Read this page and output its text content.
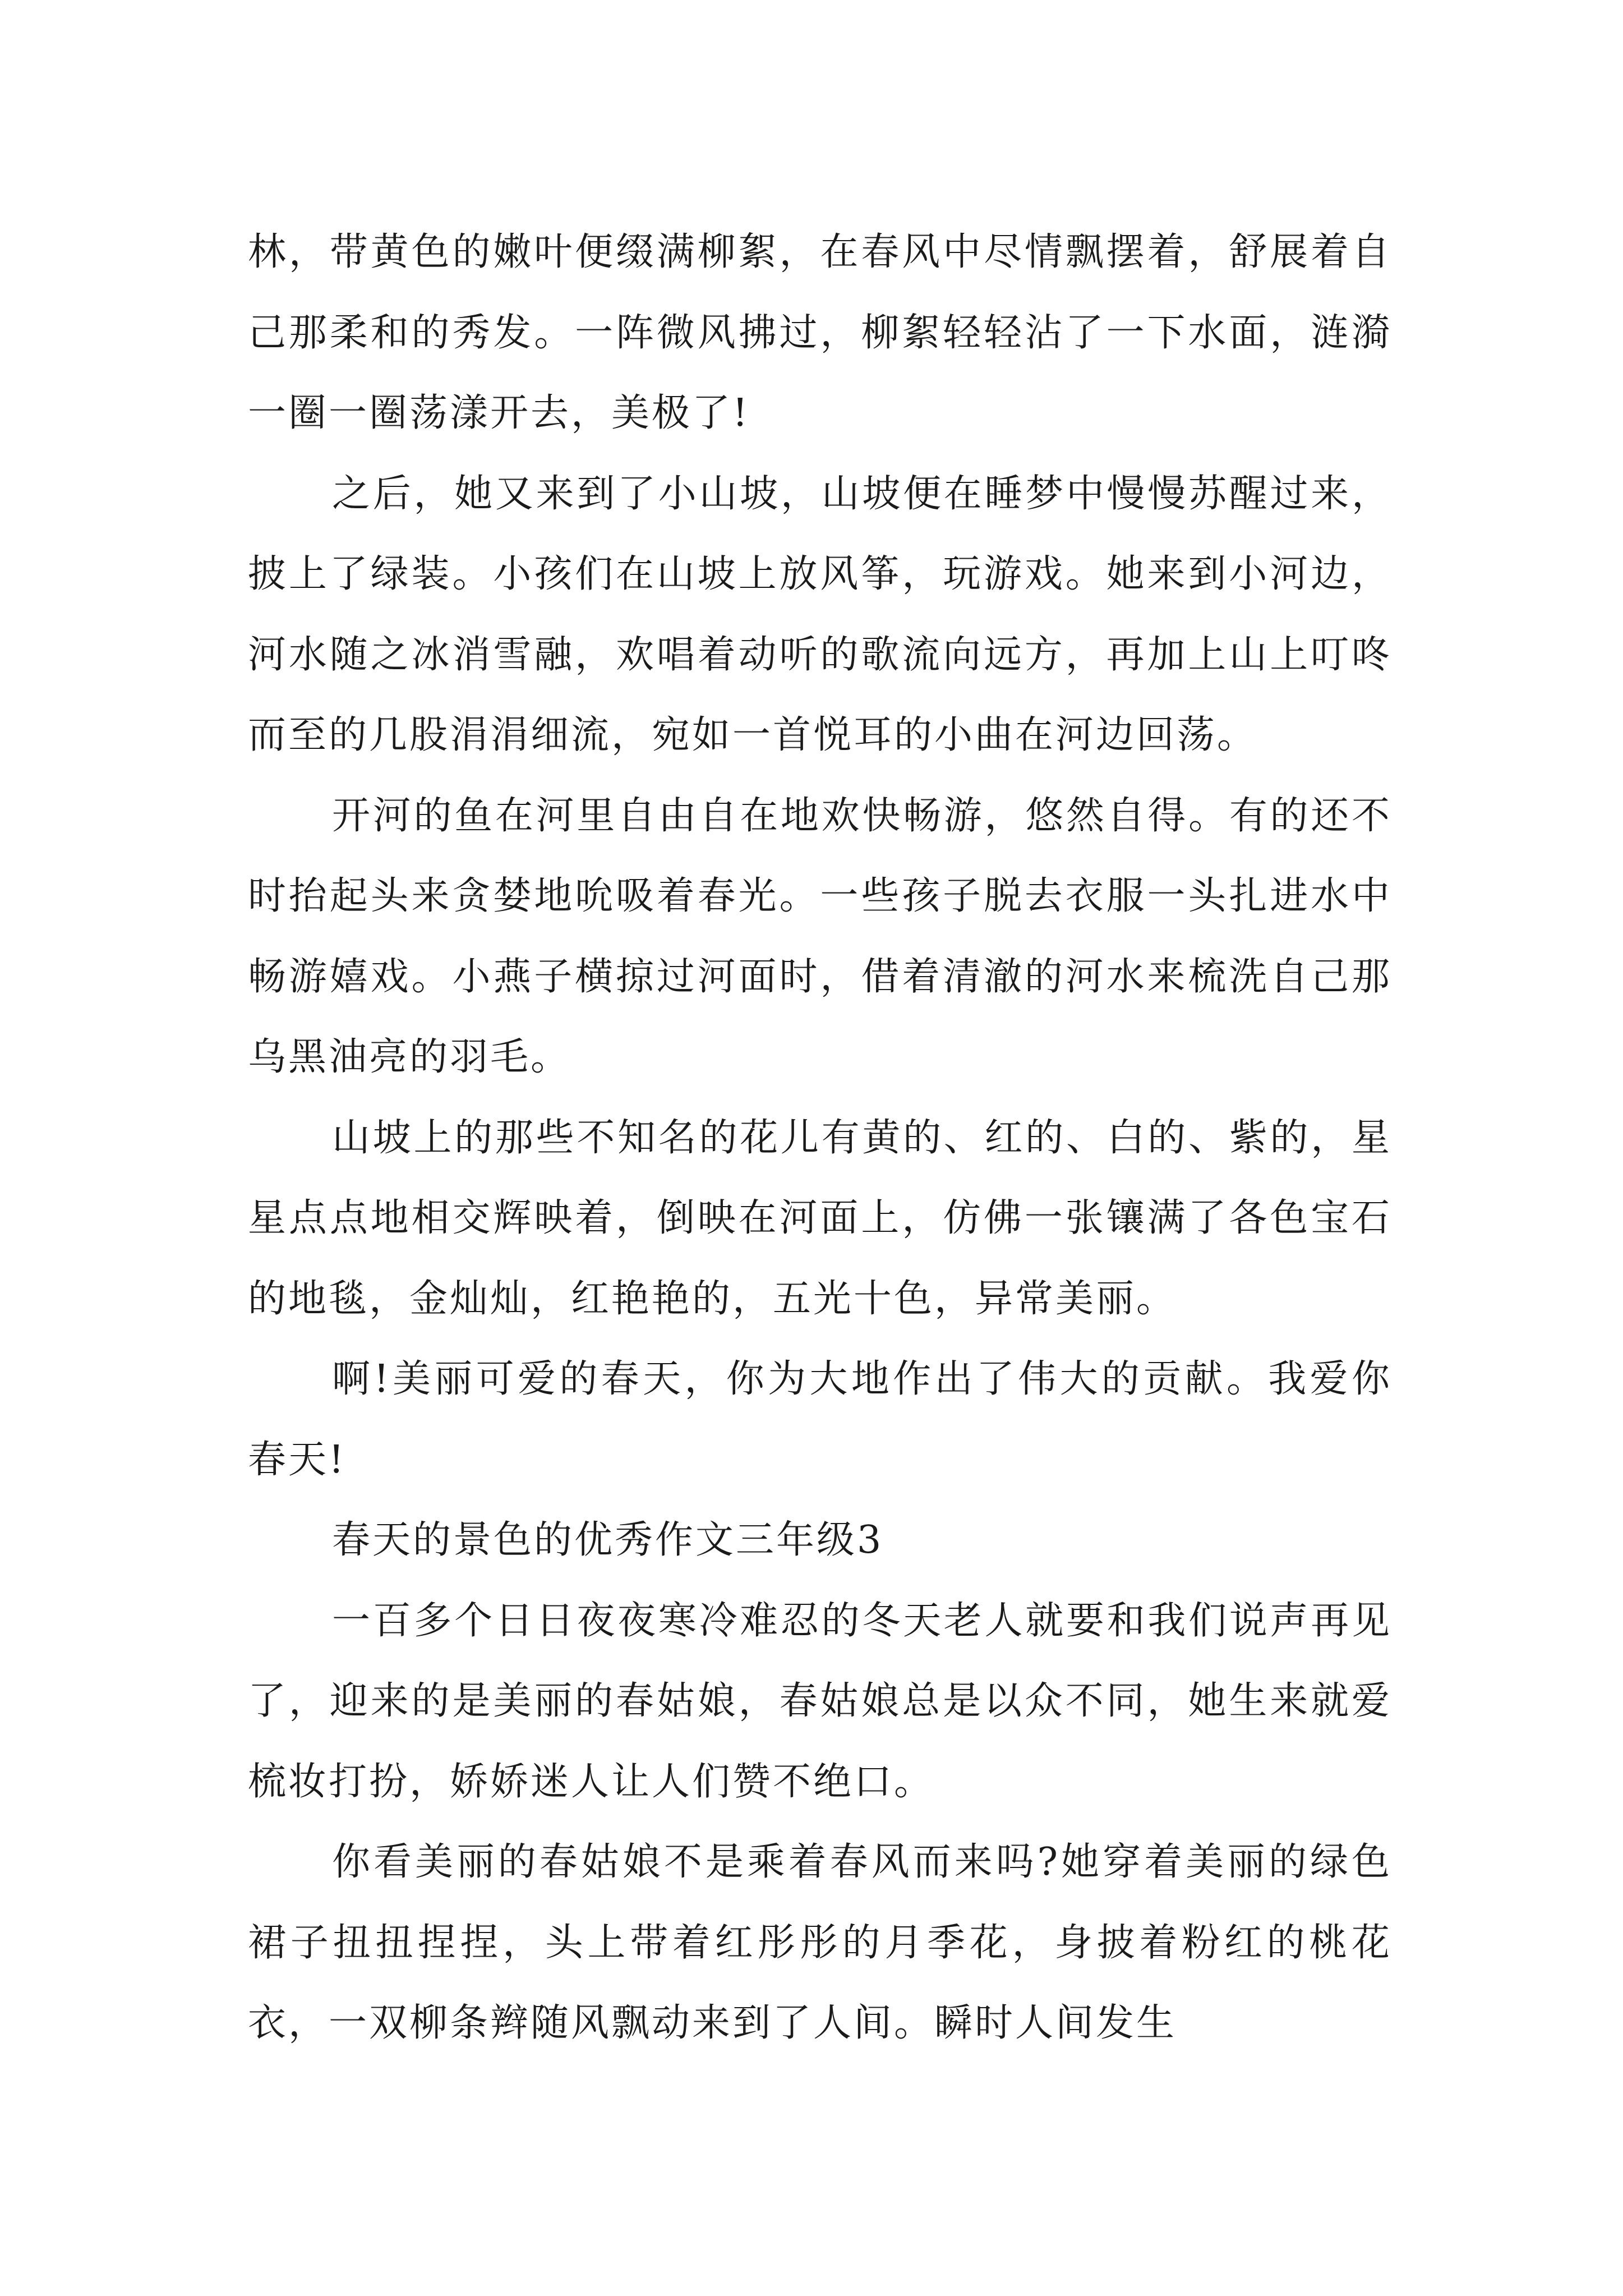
林，带黄色的嫩叶便缀满柳絮，在春风中尽情飘摆着，舒展着自己那柔和的秀发。一阵微风拂过，柳絮轻轻沾了一下水面，涟漪一圈一圈荡漾开去，美极了!

之后，她又来到了小山坡，山坡便在睡梦中慢慢苏醒过来，披上了绿装。小孩们在山坡上放风筝，玩游戏。她来到小河边，河水随之冰消雪融，欢唱着动听的歌流向远方，再加上山上叮咚而至的几股涓涓细流，宛如一首悦耳的小曲在河边回荡。

开河的鱼在河里自由自在地欢快畅游，悠然自得。有的还不时抬起头来贪婪地吮吸着春光。一些孩子脱去衣服一头扎进水中畅游嬉戏。小燕子横掠过河面时，借着清澈的河水来梳洗自己那乌黑油亮的羽毛。

山坡上的那些不知名的花儿有黄的、红的、白的、紫的，星星点点地相交辉映着，倒映在河面上，仿佛一张镶满了各色宝石的地毯，金灿灿，红艳艳的，五光十色，异常美丽。

啊!美丽可爱的春天，你为大地作出了伟大的贡献。我爱你春天!

春天的景色的优秀作文三年级3

一百多个日日夜夜寒冷难忍的冬天老人就要和我们说声再见了，迎来的是美丽的春姑娘，春姑娘总是以众不同，她生来就爱梳妆打扮，娇娇迷人让人们赞不绝口。

你看美丽的春姑娘不是乘着春风而来吗?她穿着美丽的绿色裙子扭扭捏捏，头上带着红彤彤的月季花，身披着粉红的桃花衣，一双柳条辫随风飘动来到了人间。瞬时人间发生
